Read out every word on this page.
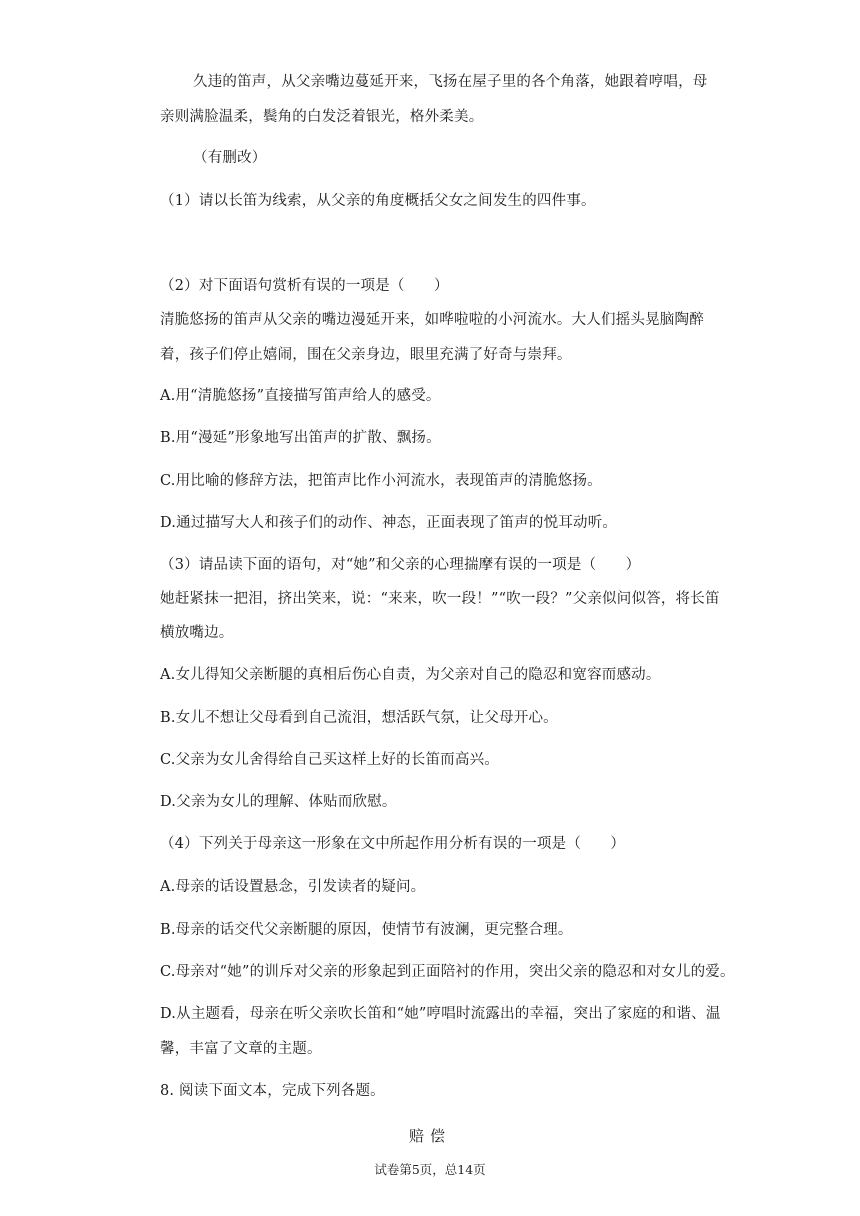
久违的笛声，从父亲嘴边蔓延开来，飞扬在屋子里的各个角落，她跟着哼唱，母
亲则满脸温柔，鬓角的白发泛着银光，格外柔美。
（有删改）
（1）请以长笛为线索，从父亲的角度概括父女之间发生的四件事。
（2）对下面语句赏析有误的一项是（　　）
清脆悠扬的笛声从父亲的嘴边漫延开来，如哗啦啦的小河流水。大人们摇头晃脑陶醉
着，孩子们停止嬉闹，围在父亲身边，眼里充满了好奇与崇拜。
A.用“清脆悠扬”直接描写笛声给人的感受。
B.用“漫延”形象地写出笛声的扩散、飘扬。
C.用比喻的修辞方法，把笛声比作小河流水，表现笛声的清脆悠扬。
D.通过描写大人和孩子们的动作、神态，正面表现了笛声的悦耳动听。
（3）请品读下面的语句，对“她”和父亲的心理揣摩有误的一项是（　　）
她赶紧抹一把泪，挤出笑来，说：“来来，吹一段！”“吹一段？”父亲似问似答，将长笛
横放嘴边。
A.女儿得知父亲断腿的真相后伤心自责，为父亲对自己的隐忍和宽容而感动。
B.女儿不想让父母看到自己流泪，想活跃气氛，让父母开心。
C.父亲为女儿舍得给自己买这样上好的长笛而高兴。
D.父亲为女儿的理解、体贴而欣慰。
（4）下列关于母亲这一形象在文中所起作用分析有误的一项是（　　）
A.母亲的话设置悬念，引发读者的疑问。
B.母亲的话交代父亲断腿的原因，使情节有波澜，更完整合理。
C.母亲对“她”的训斥对父亲的形象起到正面陪衬的作用，突出父亲的隐忍和对女儿的爱。
D.从主题看，母亲在听父亲吹长笛和“她”哼唱时流露出的幸福，突出了家庭的和谐、温
馨，丰富了文章的主题。
8. 阅读下面文本，完成下列各题。
赔偿
试卷第5页，总14页
